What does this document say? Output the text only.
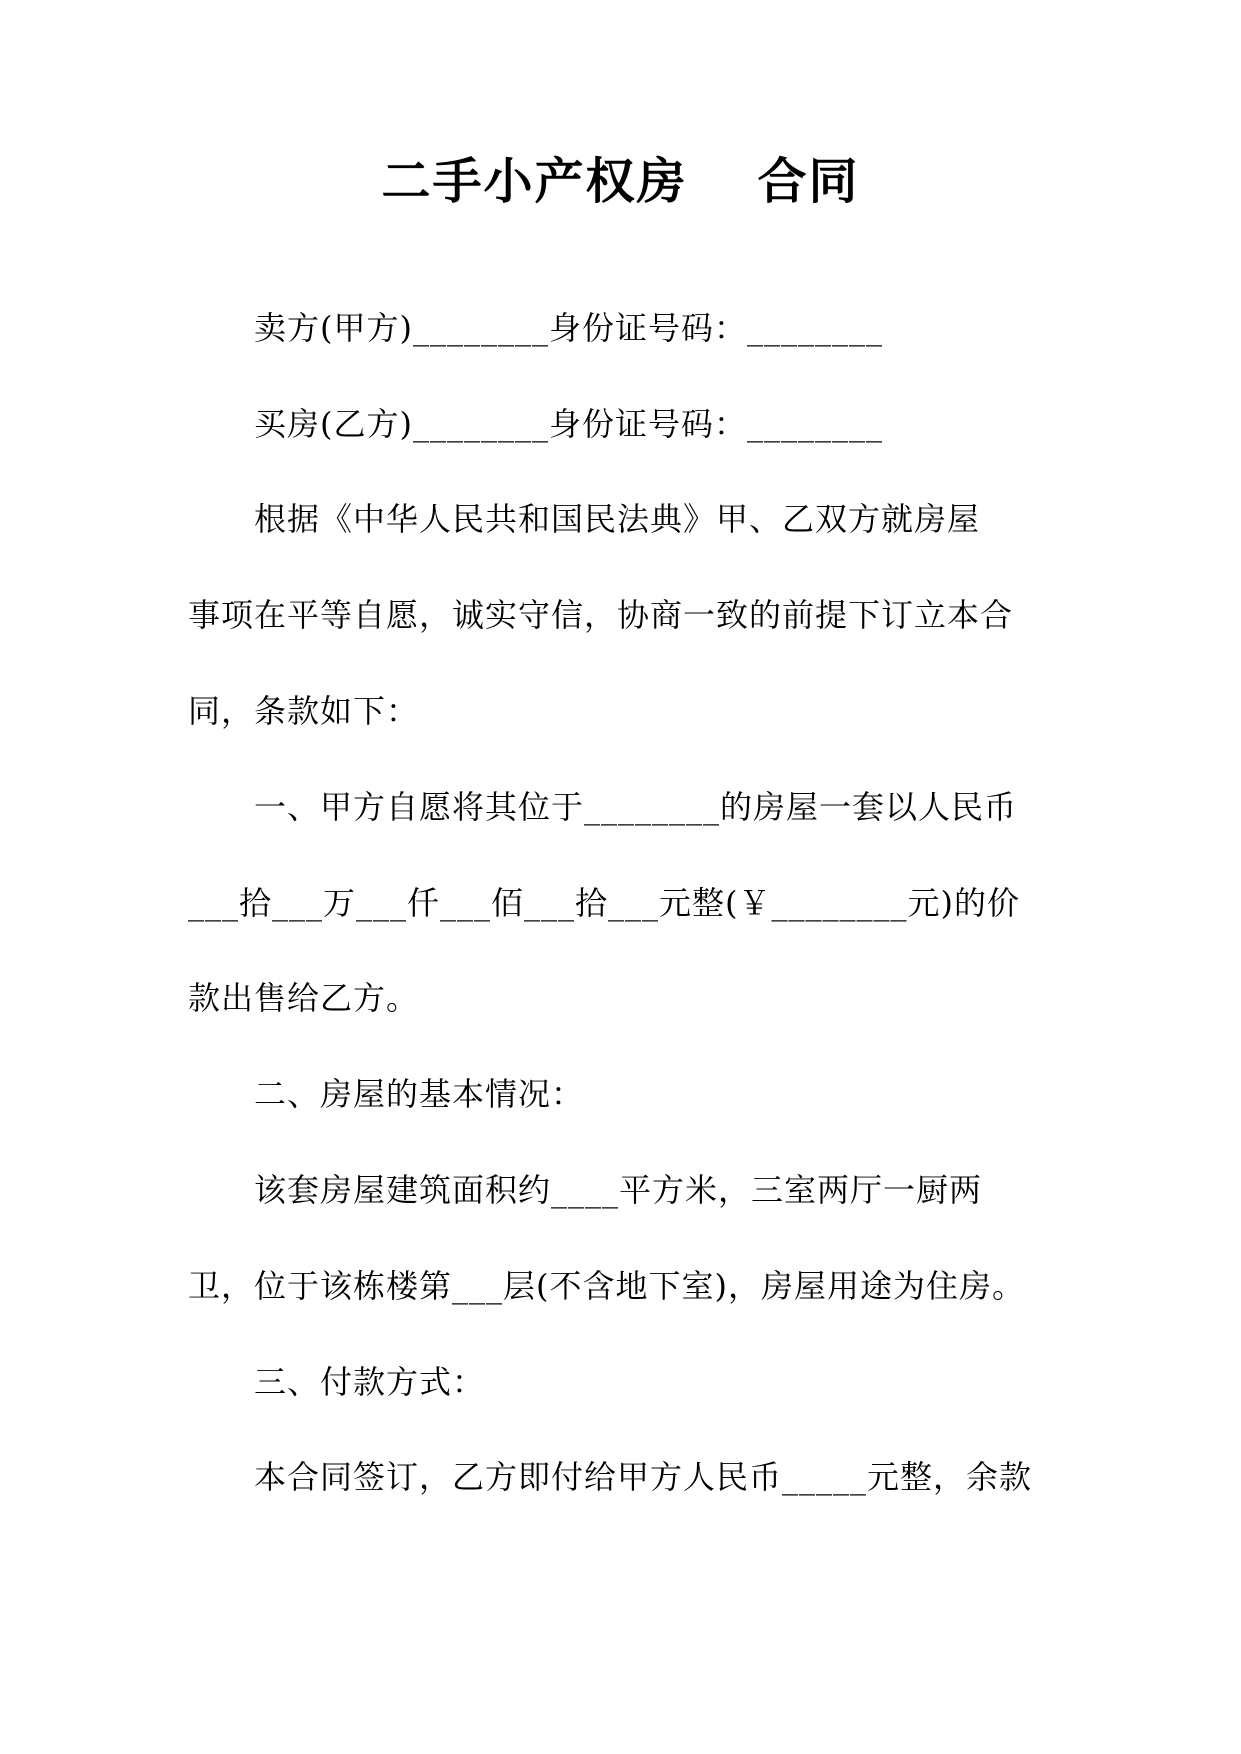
二手小产权房　 合同
卖方(甲方)________身份证号码：________
买房(乙方)________身份证号码：________
根据《中华人民共和国民法典》甲、乙双方就房屋
事项在平等自愿，诚实守信，协商一致的前提下订立本合
同，条款如下：
一、甲方自愿将其位于________的房屋一套以人民币
___拾___万___仟___佰___拾___元整(￥________元)的价
款出售给乙方。
二、房屋的基本情况：
该套房屋建筑面积约____平方米，三室两厅一厨两
卫，位于该栋楼第___层(不含地下室)，房屋用途为住房。
三、付款方式：
本合同签订，乙方即付给甲方人民币_____元整，余款
